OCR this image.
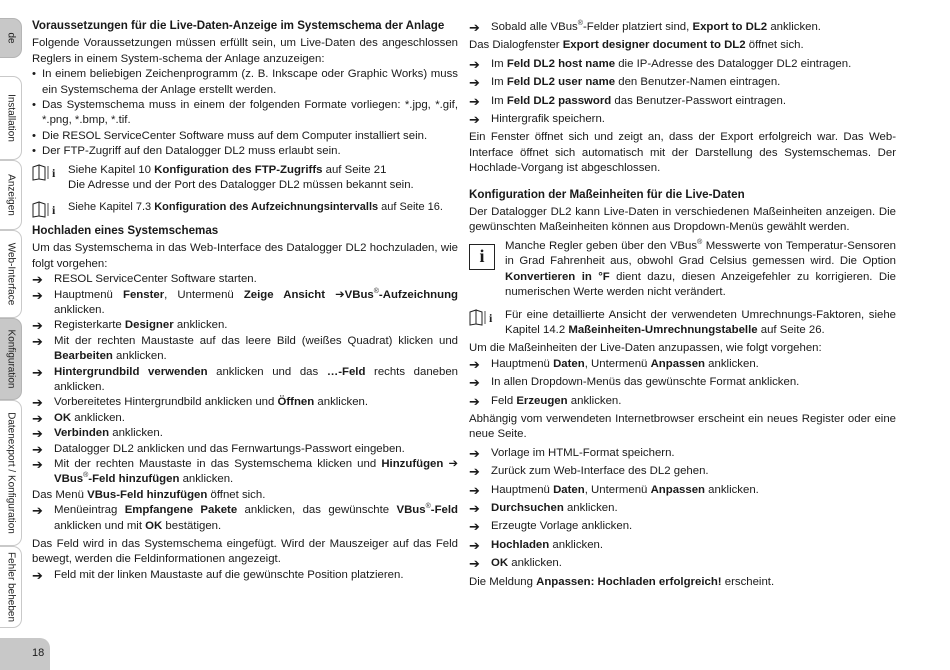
de
Installation
Anzeigen
Web-Interface
Konfiguration
Datenexport / Konfiguration
Fehler beheben
18
Voraussetzungen für die Live-Daten-Anzeige im Systemschema der Anlage

Folgende Voraussetzungen müssen erfüllt sein, um Live-Daten des angeschlossen Reglers in einem System-schema der Anlage anzuzeigen:

• In einem beliebigen Zeichenprogramm (z. B. Inkscape oder Graphic Works) muss ein Systemschema der Anlage erstellt werden.

• Das Systemschema muss in einem der folgenden Formate vorliegen: *.jpg, *.gif, *.png, *.bmp, *.tif.

• Die RESOL ServiceCenter Software muss auf dem Computer installiert sein.

• Der FTP-Zugriff auf den Datalogger DL2 muss erlaubt sein.

i Siehe Kapitel 10 Konfiguration des FTP-Zugriffs auf Seite 21

Die Adresse und der Port des Datalogger DL2 müssen bekannt sein.

i Siehe Kapitel 7.3 Konfiguration des Aufzeichnungsintervalls auf Seite 16.

Hochladen eines Systemschemas

Um das Systemschema in das Web-Interface des Datalogger DL2 hochzuladen, wie folgt vorgehen:

➔ RESOL ServiceCenter Software starten.

➔ Hauptmenü Fenster, Untermenü Zeige Ansicht ➔VBus®-Aufzeichnung anklicken.

➔ Registerkarte Designer anklicken.

➔ Mit der rechten Maustaste auf das leere Bild (weißes Quadrat) klicken und Bearbeiten anklicken.

➔ Hintergrundbild verwenden anklicken und das …-Feld rechts daneben anklicken.

➔ Vorbereitetes Hintergrundbild anklicken und Öffnen anklicken.

➔ OK anklicken.

➔ Verbinden anklicken.

➔ Datalogger DL2 anklicken und das Fernwartungs-Passwort eingeben.

➔ Mit der rechten Maustaste in das Systemschema klicken und Hinzufügen ➔ VBus®-Feld hinzufügen anklicken.

Das Menü VBus-Feld hinzufügen öffnet sich.

➔ Menüeintrag Empfangene Pakete anklicken, das gewünschte VBus®-Feld anklicken und mit OK bestätigen.

Das Feld wird in das Systemschema eingefügt. Wird der Mauszeiger auf das Feld bewegt, werden die Feldinformationen angezeigt.

➔ Feld mit der linken Maustaste auf die gewünschte Position platzieren.

➔ Sobald alle VBus®-Felder platziert sind, Export to DL2 anklicken.

Das Dialogfenster Export designer document to DL2 öffnet sich.

➔ Im Feld DL2 host name die IP-Adresse des Datalogger DL2 eintragen.

➔ Im Feld DL2 user name den Benutzer-Namen eintragen.

➔ Im Feld DL2 password das Benutzer-Passwort eintragen.

➔ Hintergrafik speichern.

Ein Fenster öffnet sich und zeigt an, dass der Export erfolgreich war. Das Web-Interface öffnet sich automatisch mit der Darstellung des Systemschemas. Der Hochlade-Vorgang ist abgeschlossen.

Konfiguration der Maßeinheiten für die Live-Daten

Der Datalogger DL2 kann Live-Daten in verschiedenen Maßeinheiten anzeigen. Die gewünschten Maßeinheiten können aus Dropdown-Menüs gewählt werden.

i	Manche Regler geben über den VBus® Messwerte von Temperatur-Sensoren in Grad Fahrenheit aus, obwohl Grad Celsius gemessen wird. Die Option Konvertieren in °F dient dazu, diesen Anzeigefehler zu korrigieren. Die numerischen Werte werden nicht verändert.

i Für eine detaillierte Ansicht der verwendeten Umrechnungs-Faktoren, siehe Kapitel 14.2 Maßeinheiten-Umrechnungstabelle auf Seite 26.

Um die Maßeinheiten der Live-Daten anzupassen, wie folgt vorgehen:

➔ Hauptmenü Daten, Untermenü Anpassen anklicken.

➔ In allen Dropdown-Menüs das gewünschte Format anklicken.

➔ Feld Erzeugen anklicken.

Abhängig vom verwendeten Internetbrowser erscheint ein neues Register oder eine neue Seite.

➔ Vorlage im HTML-Format speichern.

➔ Zurück zum Web-Interface des DL2 gehen.

➔ Hauptmenü Daten, Untermenü Anpassen anklicken.

➔ Durchsuchen anklicken.

➔ Erzeugte Vorlage anklicken.

➔ Hochladen anklicken.

➔ OK anklicken.

Die Meldung Anpassen: Hochladen erfolgreich! erscheint.
